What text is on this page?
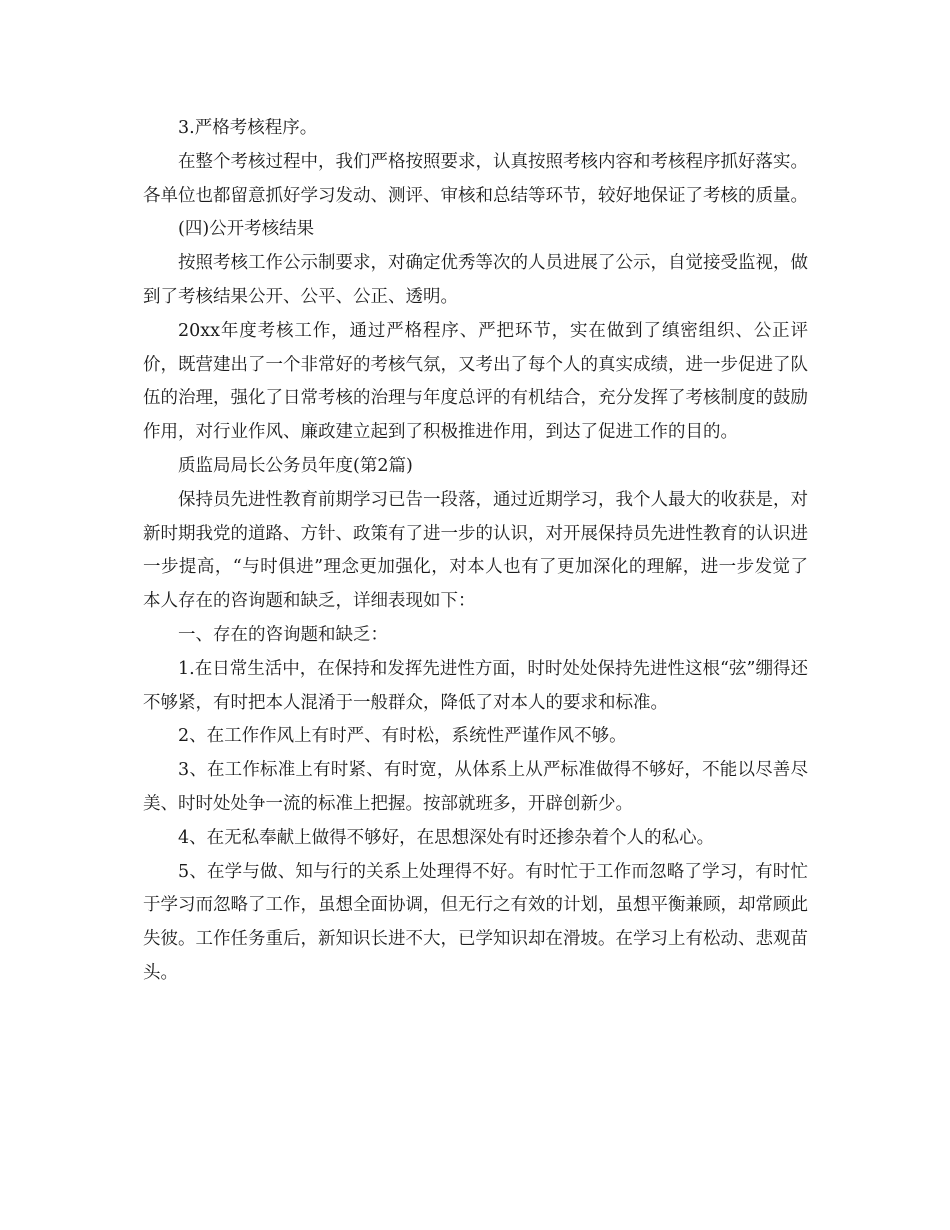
3.严格考核程序。

在整个考核过程中，我们严格按照要求，认真按照考核内容和考核程序抓好落实。各单位也都留意抓好学习发动、测评、审核和总结等环节，较好地保证了考核的质量。

(四)公开考核结果

按照考核工作公示制要求，对确定优秀等次的人员进展了公示，自觉接受监视，做到了考核结果公开、公平、公正、透明。

20xx年度考核工作，通过严格程序、严把环节，实在做到了缜密组织、公正评价，既营建出了一个非常好的考核气氛，又考出了每个人的真实成绩，进一步促进了队伍的治理，强化了日常考核的治理与年度总评的有机结合，充分发挥了考核制度的鼓励作用，对行业作风、廉政建立起到了积极推进作用，到达了促进工作的目的。

质监局局长公务员年度(第2篇)

保持员先进性教育前期学习已告一段落，通过近期学习，我个人最大的收获是，对新时期我党的道路、方针、政策有了进一步的认识，对开展保持员先进性教育的认识进一步提高，“与时俱进”理念更加强化，对本人也有了更加深化的理解，进一步发觉了本人存在的咨询题和缺乏，详细表现如下：

一、存在的咨询题和缺乏：

1.在日常生活中，在保持和发挥先进性方面，时时处处保持先进性这根“弦”绷得还不够紧，有时把本人混淆于一般群众，降低了对本人的要求和标准。

2、在工作作风上有时严、有时松，系统性严谨作风不够。

3、在工作标准上有时紧、有时宽，从体系上从严标准做得不够好，不能以尽善尽美、时时处处争一流的标准上把握。按部就班多，开辟创新少。

4、在无私奉献上做得不够好，在思想深处有时还掺杂着个人的私心。

5、在学与做、知与行的关系上处理得不好。有时忙于工作而忽略了学习，有时忙于学习而忽略了工作，虽想全面协调，但无行之有效的计划，虽想平衡兼顾，却常顾此失彼。工作任务重后，新知识长进不大，已学知识却在滑坡。在学习上有松动、悲观苗头。
